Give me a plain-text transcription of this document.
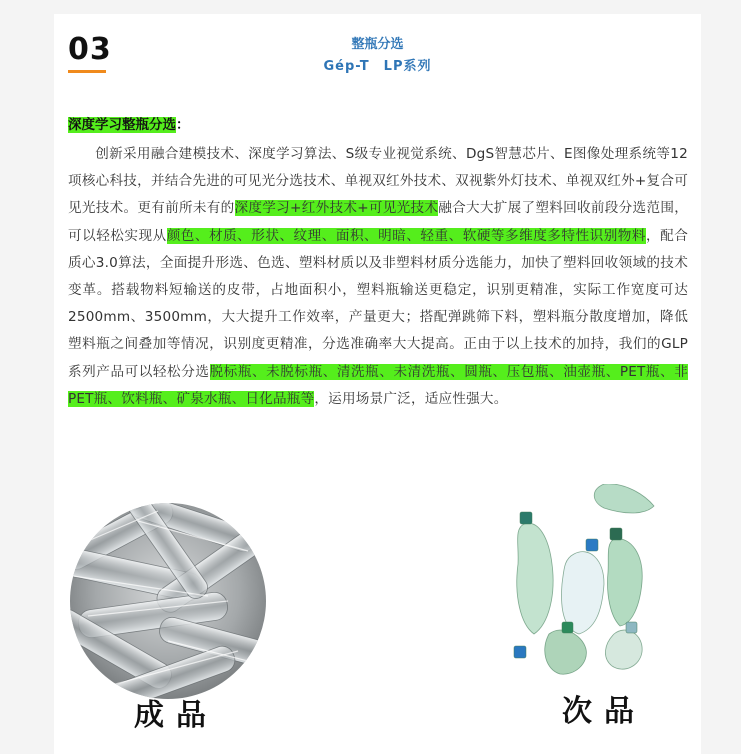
03	整瓶分选
Gép-T　LP系列
深度学习整瓶分选：
创新采用融合建模技术、深度学习算法、S级专业视觉系统、DgS智慧芯片、E图像处理系统等12项核心科技，并结合先进的可见光分选技术、单视双红外技术、双视紫外灯技术、单视双红外+复合可见光技术。更有前所未有的深度学习+红外技术+可见光技术融合大大扩展了塑料回收前段分选范围，可以轻松实现从颜色、材质、形状、纹理、面积、明暗、轻重、软硬等多维度多特性识别物料，配合质心3.0算法，全面提升形选、色选、塑料材质以及非塑料材质分选能力，加快了塑料回收领域的技术变革。搭载物料短输送的皮带，占地面积小，塑料瓶输送更稳定，识别更精准，实际工作宽度可达2500mm、3500mm，大大提升工作效率，产量更大；搭配弹跳筛下料，塑料瓶分散度增加，降低塑料瓶之间叠加等情况，识别度更精准，分选准确率大大提高。正由于以上技术的加持，我们的GLP系列产品可以轻松分选脱标瓶、未脱标瓶、清洗瓶、未清洗瓶、圆瓶、压包瓶、油壶瓶、PET瓶、非PET瓶、饮料瓶、矿泉水瓶、日化品瓶等，运用场景广泛，适应性强大。
成品	次品
